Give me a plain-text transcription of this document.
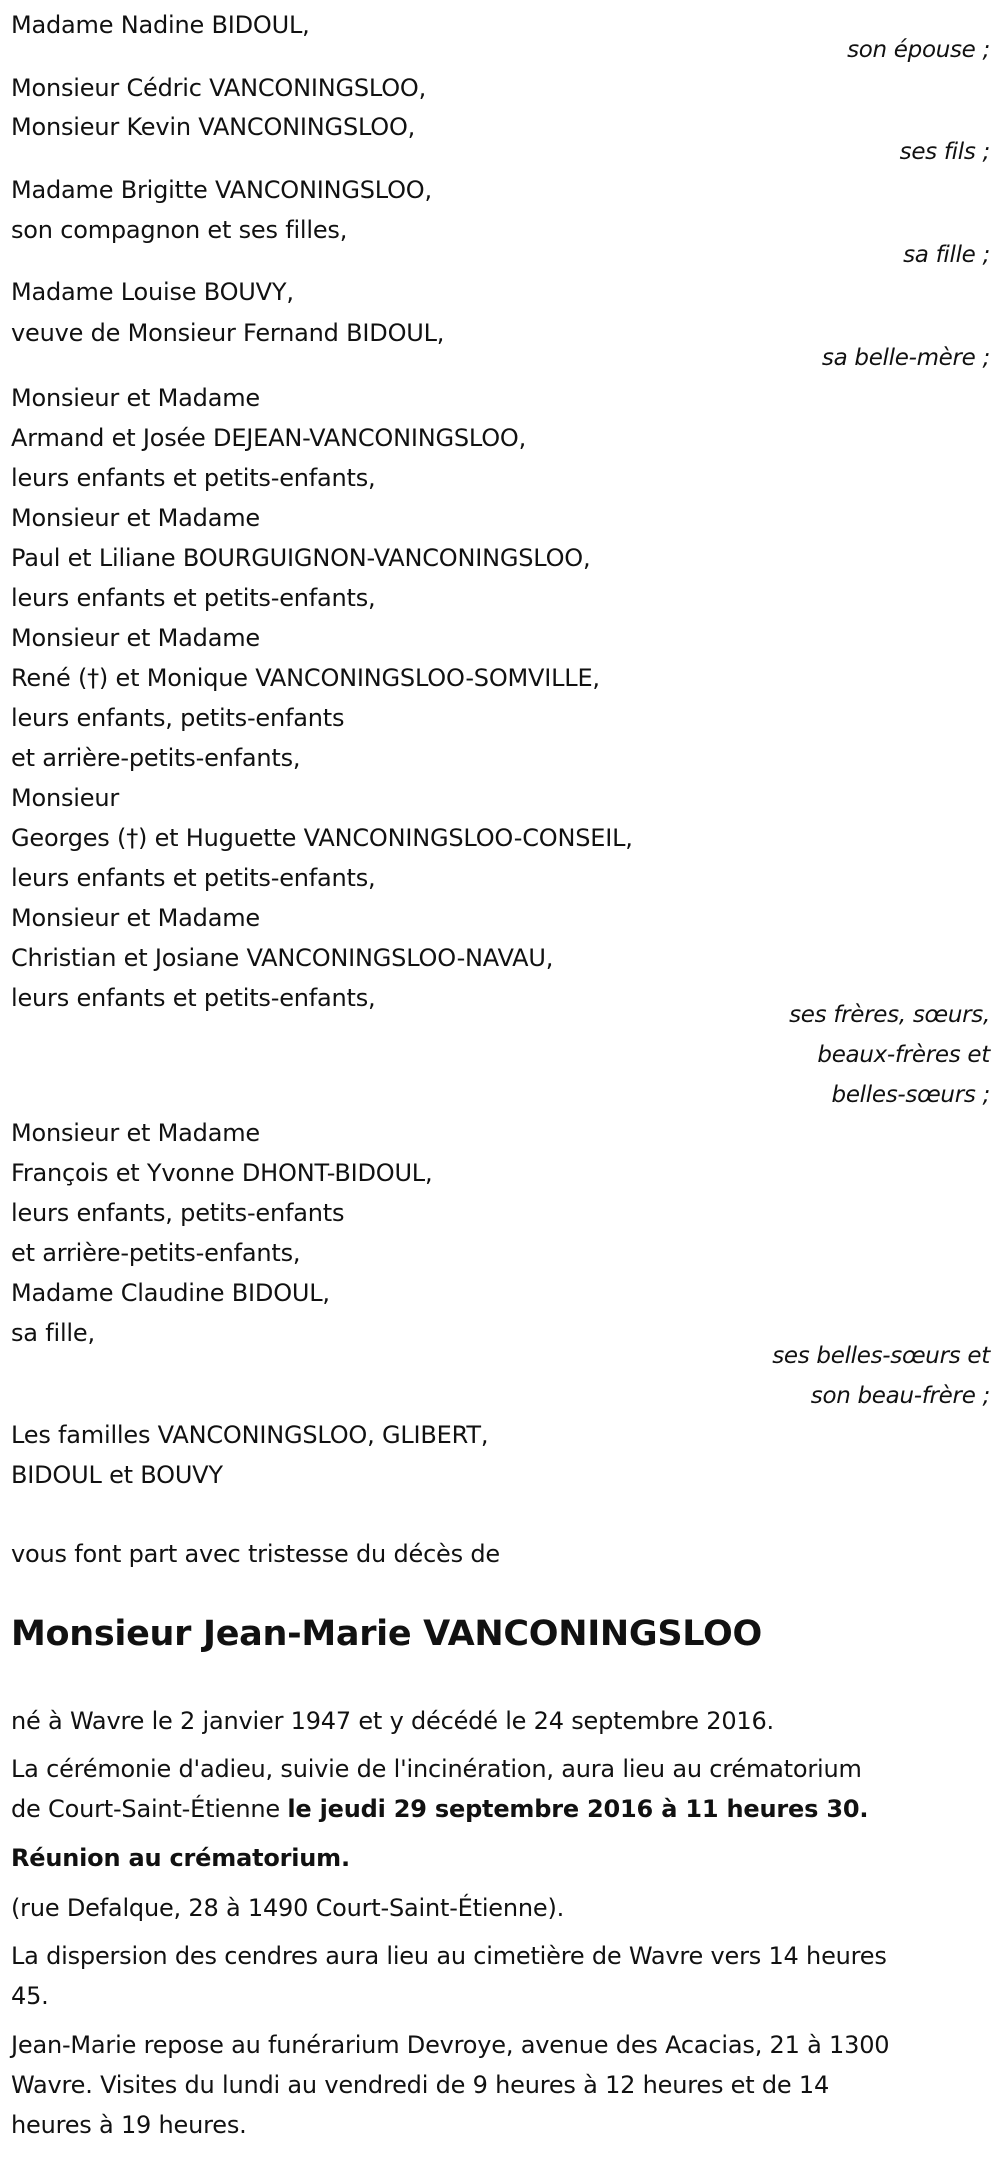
Madame Nadine BIDOUL,
son épouse ;
Monsieur Cédric VANCONINGSLOO,
Monsieur Kevin VANCONINGSLOO,
ses fils ;
Madame Brigitte VANCONINGSLOO,
son compagnon et ses filles,
sa fille ;
Madame Louise BOUVY,
veuve de Monsieur Fernand BIDOUL,
sa belle-mère ;
Monsieur et Madame
Armand et Josée DEJEAN-VANCONINGSLOO,
leurs enfants et petits-enfants,
Monsieur et Madame
Paul et Liliane BOURGUIGNON-VANCONINGSLOO,
leurs enfants et petits-enfants,
Monsieur et Madame
René (†) et Monique VANCONINGSLOO-SOMVILLE,
leurs enfants, petits-enfants
et arrière-petits-enfants,
Monsieur
Georges (†) et Huguette VANCONINGSLOO-CONSEIL,
leurs enfants et petits-enfants,
Monsieur et Madame
Christian et Josiane VANCONINGSLOO-NAVAU,
leurs enfants et petits-enfants,
ses frères, sœurs,
beaux-frères et
belles-sœurs ;
Monsieur et Madame
François et Yvonne DHONT-BIDOUL,
leurs enfants, petits-enfants
et arrière-petits-enfants,
Madame Claudine BIDOUL,
sa fille,
ses belles-sœurs et
son beau-frère ;
Les familles VANCONINGSLOO, GLIBERT,
BIDOUL et BOUVY
vous font part avec tristesse du décès de
Monsieur Jean-Marie VANCONINGSLOO
né à Wavre le 2 janvier 1947 et y décédé le 24 septembre 2016.
La cérémonie d'adieu, suivie de l'incinération, aura lieu au crématorium
de Court-Saint-Étienne le jeudi 29 septembre 2016 à 11 heures 30.
Réunion au crématorium.
(rue Defalque, 28 à 1490 Court-Saint-Étienne).
La dispersion des cendres aura lieu au cimetière de Wavre vers 14 heures
45.
Jean-Marie repose au funérarium Devroye, avenue des Acacias, 21 à 1300
Wavre. Visites du lundi au vendredi de 9 heures à 12 heures et de 14
heures à 19 heures.
